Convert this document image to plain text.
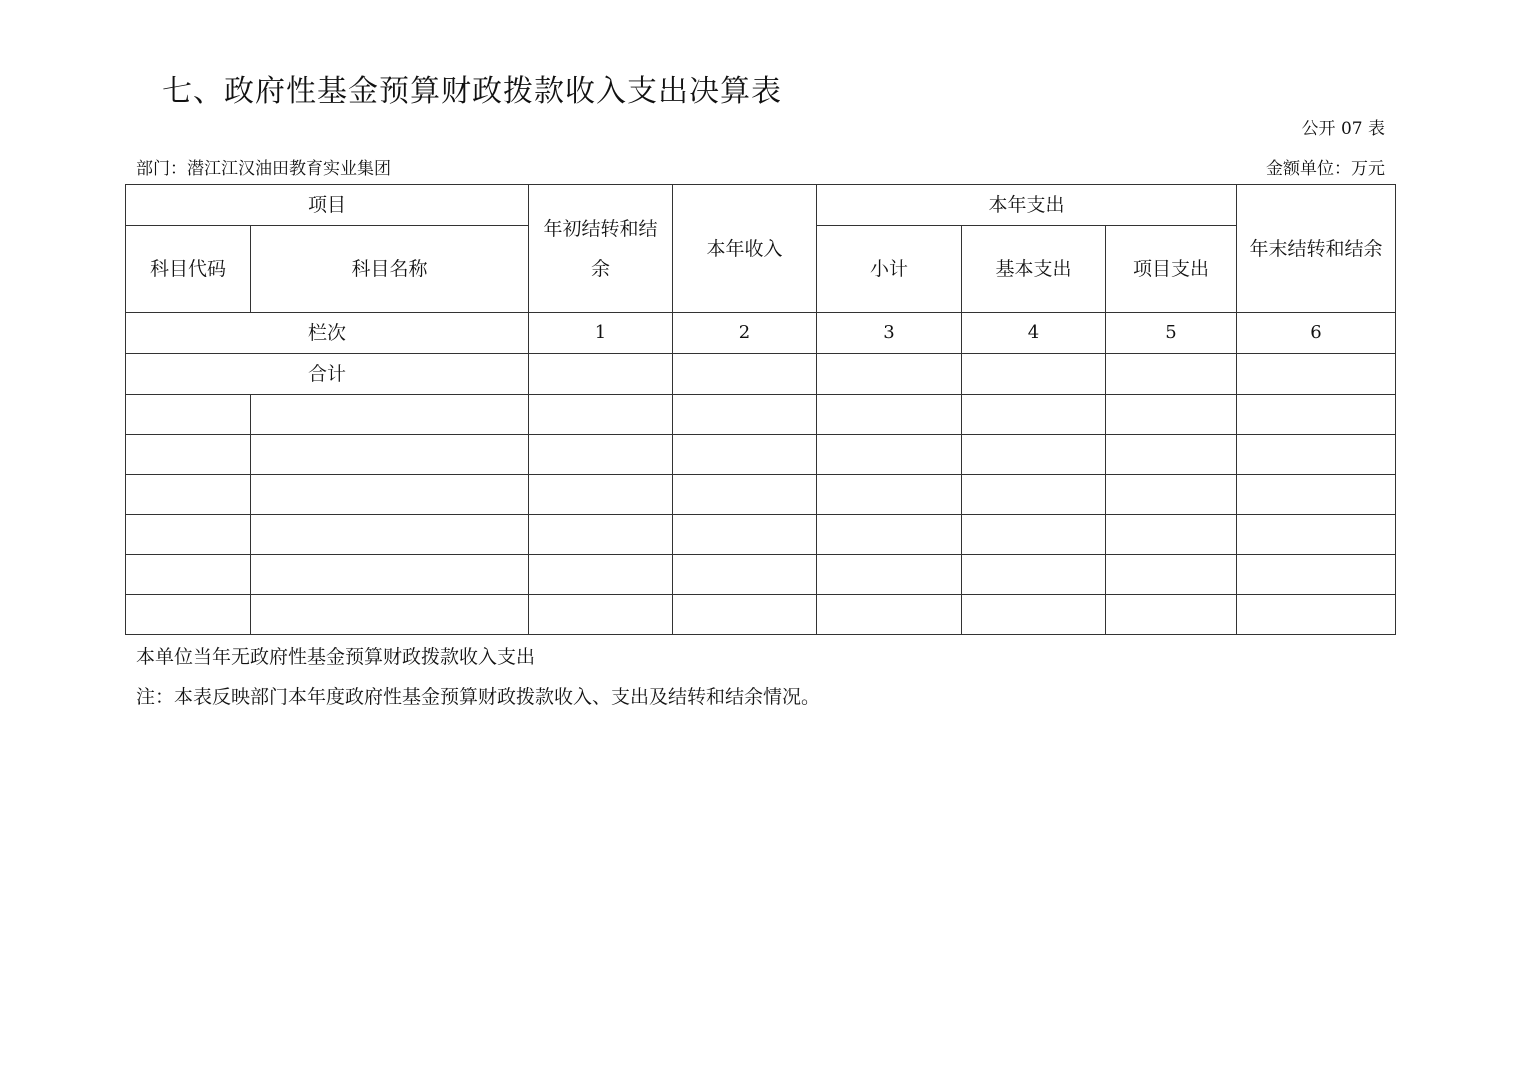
七、政府性基金预算财政拨款收入支出决算表
公开 07 表
部门：潜江江汉油田教育实业集团	金额单位：万元
项目		年初结转和结余	本年收入	本年支出			年末结转和结余
科目代码	科目名称			小计	基本支出	项目支出	
栏次		1	2	3	4	5	6
合计							

本单位当年无政府性基金预算财政拨款收入支出
注：本表反映部门本年度政府性基金预算财政拨款收入、支出及结转和结余情况。
